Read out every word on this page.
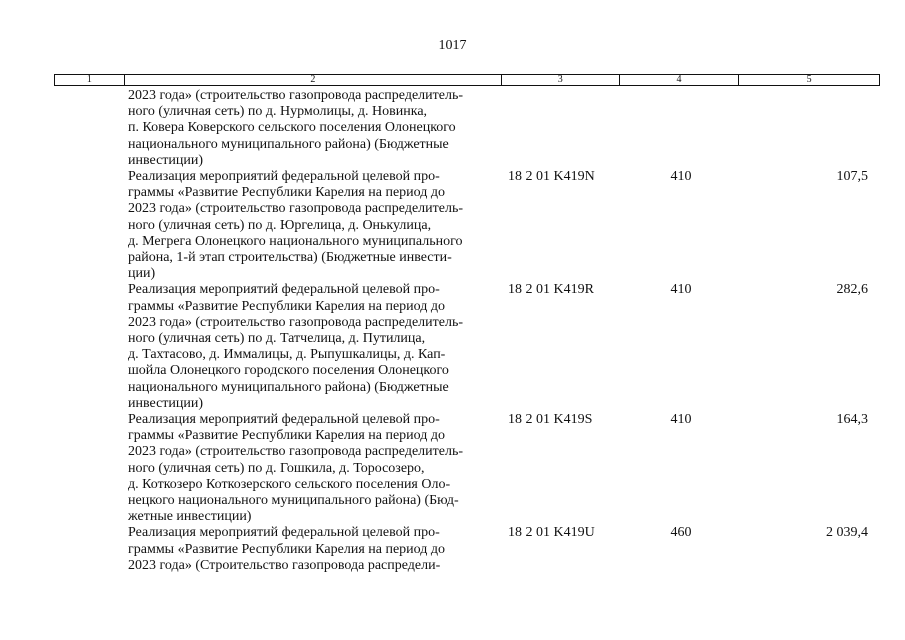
1017
1	2	3	4	5
2023 года» (строительство газопровода распределитель-
ного (уличная сеть) по д. Нурмолицы, д. Новинка,
п. Ковера Коверского сельского поселения Олонецкого
национального муниципального района) (Бюджетные
инвестиции)
Реализация мероприятий федеральной целевой про-
граммы «Развитие Республики Карелия на период до
2023 года» (строительство газопровода распределитель-
ного (уличная сеть) по д. Юргелица, д. Онькулица,
д. Мегрега Олонецкого национального муниципального
района, 1-й этап строительства) (Бюджетные инвести-
ции)
18 2 01 K419N	410	107,5
Реализация мероприятий федеральной целевой про-
граммы «Развитие Республики Карелия на период до
2023 года» (строительство газопровода распределитель-
ного (уличная сеть) по д. Татчелица, д. Путилица,
д. Тахтасово, д. Иммалицы, д. Рыпушкалицы, д. Кап-
шойла Олонецкого городского поселения Олонецкого
национального муниципального района) (Бюджетные
инвестиции)
18 2 01 K419R	410	282,6
Реализация мероприятий федеральной целевой про-
граммы «Развитие Республики Карелия на период до
2023 года» (строительство газопровода распределитель-
ного (уличная сеть) по д. Гошкила, д. Торосозеро,
д. Коткозеро Коткозерского сельского поселения Оло-
нецкого национального муниципального района) (Бюд-
жетные инвестиции)
18 2 01 K419S	410	164,3
Реализация мероприятий федеральной целевой про-
граммы «Развитие Республики Карелия на период до
2023 года» (Строительство газопровода распредели-
18 2 01 K419U	460	2 039,4
